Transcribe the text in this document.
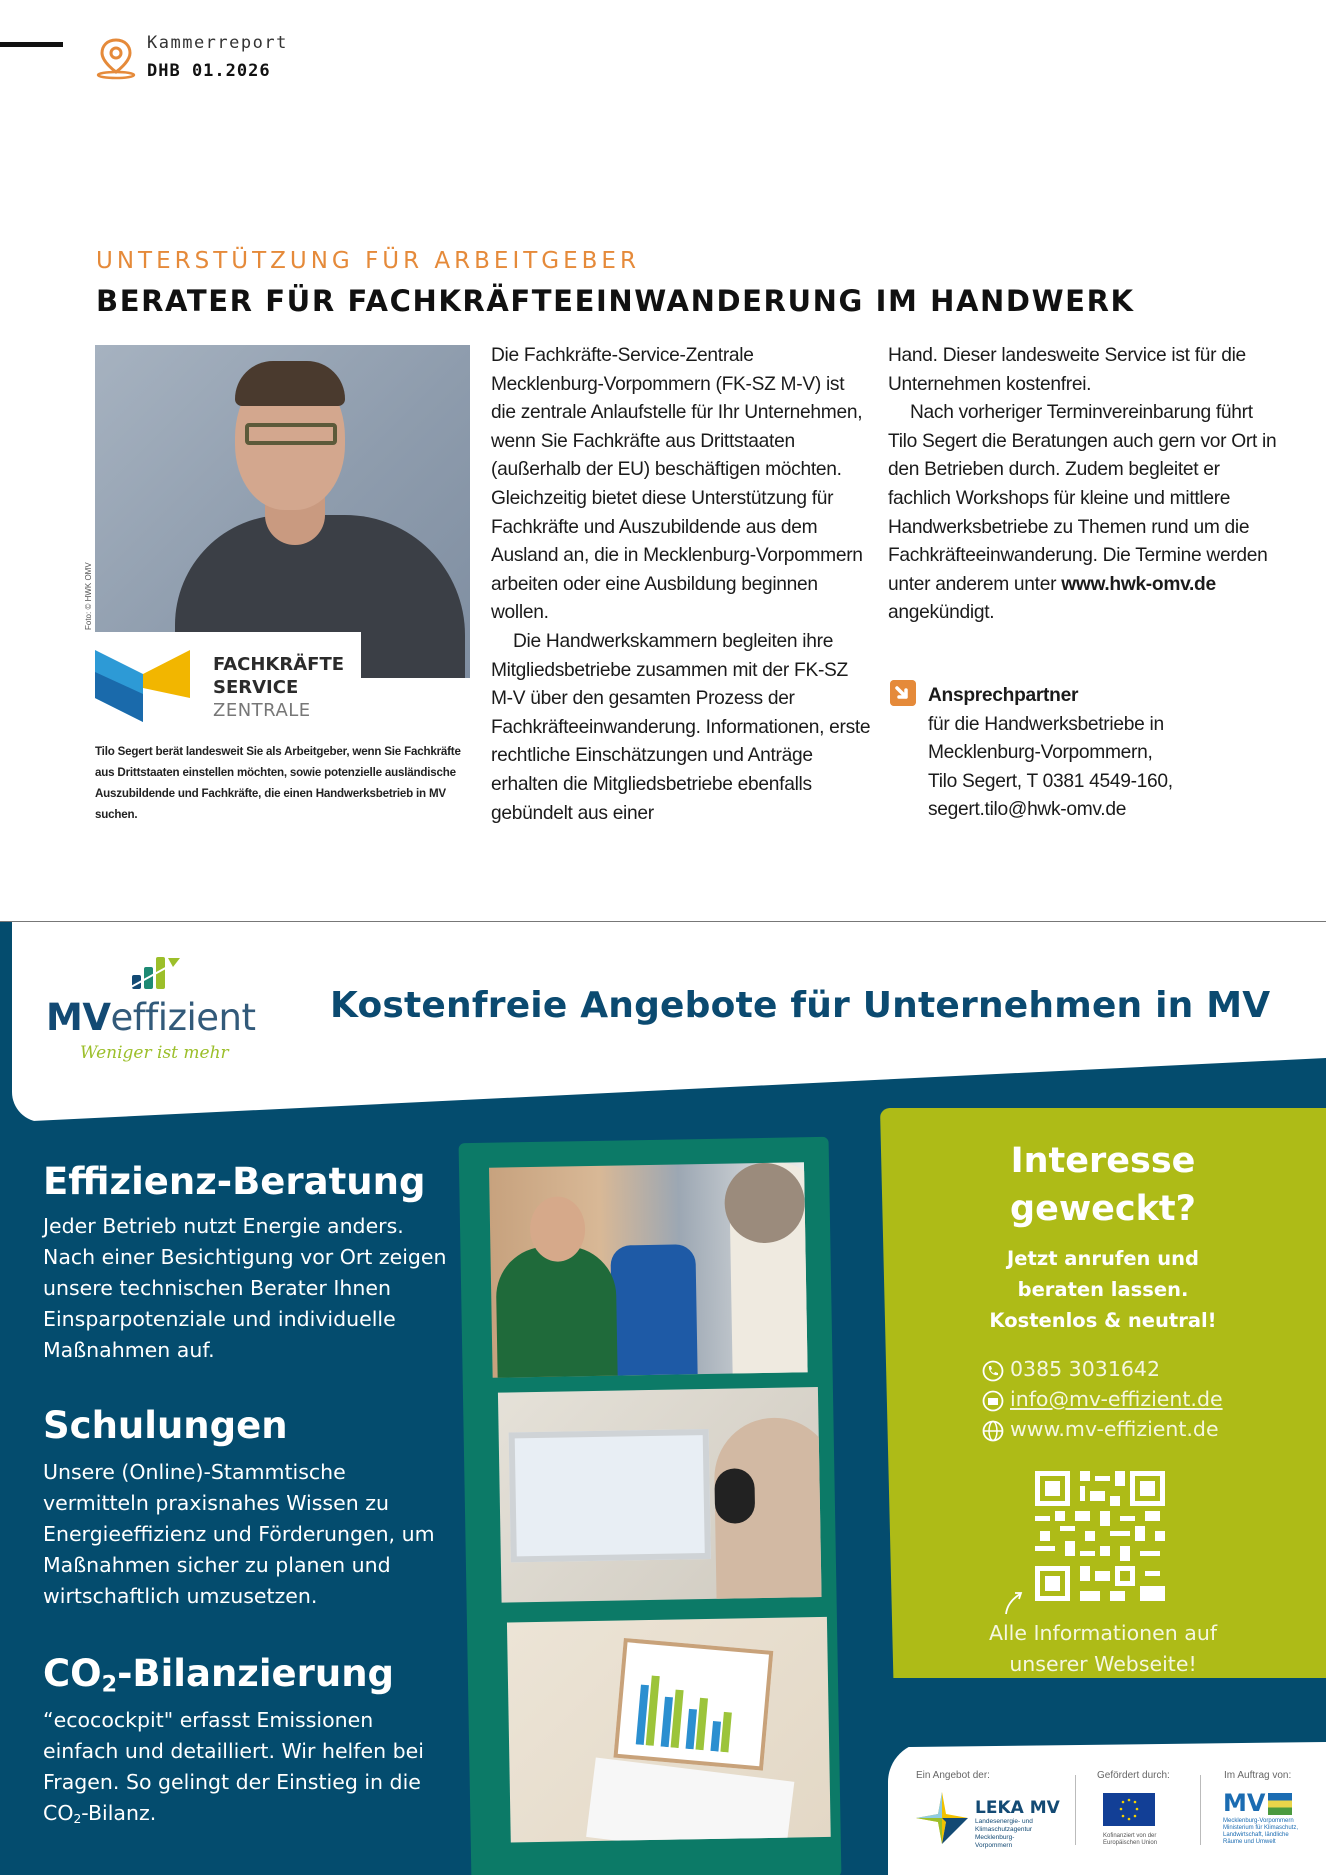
Kammerreport
DHB 01.2026
UNTERSTÜTZUNG FÜR ARBEITGEBER
BERATER FÜR FACHKRÄFTEEINWANDERUNG IM HANDWERK
Foto: © HWK OMV
FACHKRÄFTE
SERVICE
ZENTRALE

Tilo Segert berät landesweit Sie als Arbeitgeber, wenn Sie Fachkräfte aus Drittstaaten einstellen möchten, sowie potenzielle ausländische Auszubildende und Fachkräfte, die einen Handwerksbetrieb in MV suchen.

Die Fachkräfte-Service-Zentrale Mecklenburg-Vorpommern (FK-SZ M-V) ist die zentrale Anlaufstelle für Ihr Unternehmen, wenn Sie Fachkräfte aus Drittstaaten (außerhalb der EU) beschäftigen möchten. Gleichzeitig bietet diese Unterstützung für Fachkräfte und Auszubildende aus dem Ausland an, die in Mecklenburg-Vorpommern arbeiten oder eine Ausbildung beginnen wollen.

Die Handwerkskammern begleiten ihre Mitgliedsbetriebe zusammen mit der FK-SZ M-V über den gesamten Prozess der Fachkräfteeinwanderung. Informationen, erste rechtliche Einschätzungen und Anträge erhalten die Mitgliedsbetriebe ebenfalls gebündelt aus einer

Hand. Dieser landesweite Service ist für die Unternehmen kostenfrei.

Nach vorheriger Terminvereinbarung führt Tilo Segert die Beratungen auch gern vor Ort in den Betrieben durch. Zudem begleitet er fachlich Workshops für kleine und mittlere Handwerksbetriebe zu Themen rund um die Fachkräfteeinwanderung. Die Termine werden unter anderem unter www.hwk-omv.de angekündigt.

Ansprechpartner
für die Handwerksbetriebe in
Mecklenburg-Vorpommern,
Tilo Segert, T 0381 4549-160,
segert.tilo@hwk-omv.de
MVeffizient
Weniger ist mehr
Kostenfreie Angebote für Unternehmen in MV
Effizienz-Beratung

Jeder Betrieb nutzt Energie anders. Nach einer Besichtigung vor Ort zeigen unsere technischen Berater Ihnen Einsparpotenziale und individuelle Maßnahmen auf.

Schulungen

Unsere (Online)-Stammtische vermitteln praxisnahes Wissen zu Energieeffizienz und Förderungen, um Maßnahmen sicher zu planen und wirtschaftlich umzusetzen.

$CO_2$-Bilanzierung

“ecocockpit" erfasst Emissionen einfach und detailliert. Wir helfen bei Fragen. So gelingt der Einstieg in die $CO_2$-Bilanz.

Interesse
geweckt?
Jetzt anrufen und
beraten lassen.
Kostenlos & neutral!
0385 3031642
info@mv-effizient.de
www.mv-effizient.de
Alle Informationen auf
unserer Webseite!
Ein Angebot der:	Gefördert durch:	Im Auftrag von:
LEKA MV
Landesenergie- und Klimaschutzagentur Mecklenburg-Vorpommern
Kofinanziert von der Europäischen Union
MV
Mecklenburg-Vorpommern Ministerium für Klimaschutz, Landwirtschaft, ländliche Räume und Umwelt
